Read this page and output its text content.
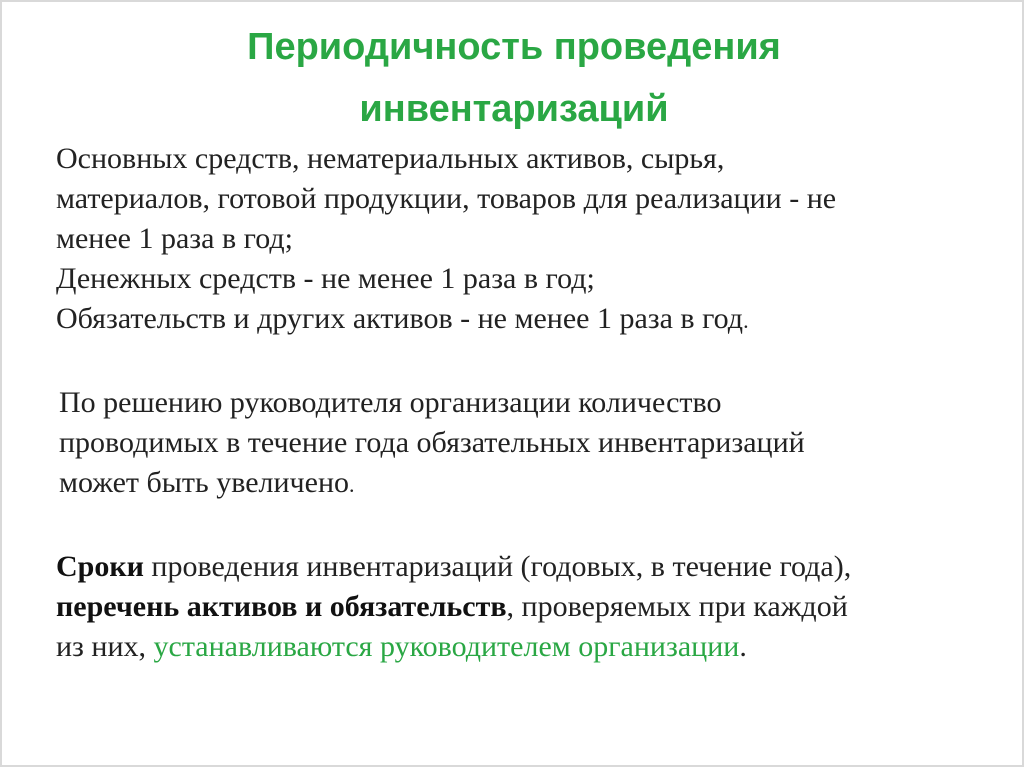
Периодичность проведения
инвентаризаций
Основных средств, нематериальных активов, сырья,
материалов, готовой продукции, товаров для реализации - не
менее 1 раза в год;
Денежных средств - не менее 1 раза в год;
Обязательств и других активов - не менее 1 раза в год.
По решению руководителя организации количество
проводимых в течение года обязательных инвентаризаций
может быть увеличено.
Сроки проведения инвентаризаций (годовых, в течение года),
перечень активов и обязательств, проверяемых при каждой
из них, устанавливаются руководителем организации.
